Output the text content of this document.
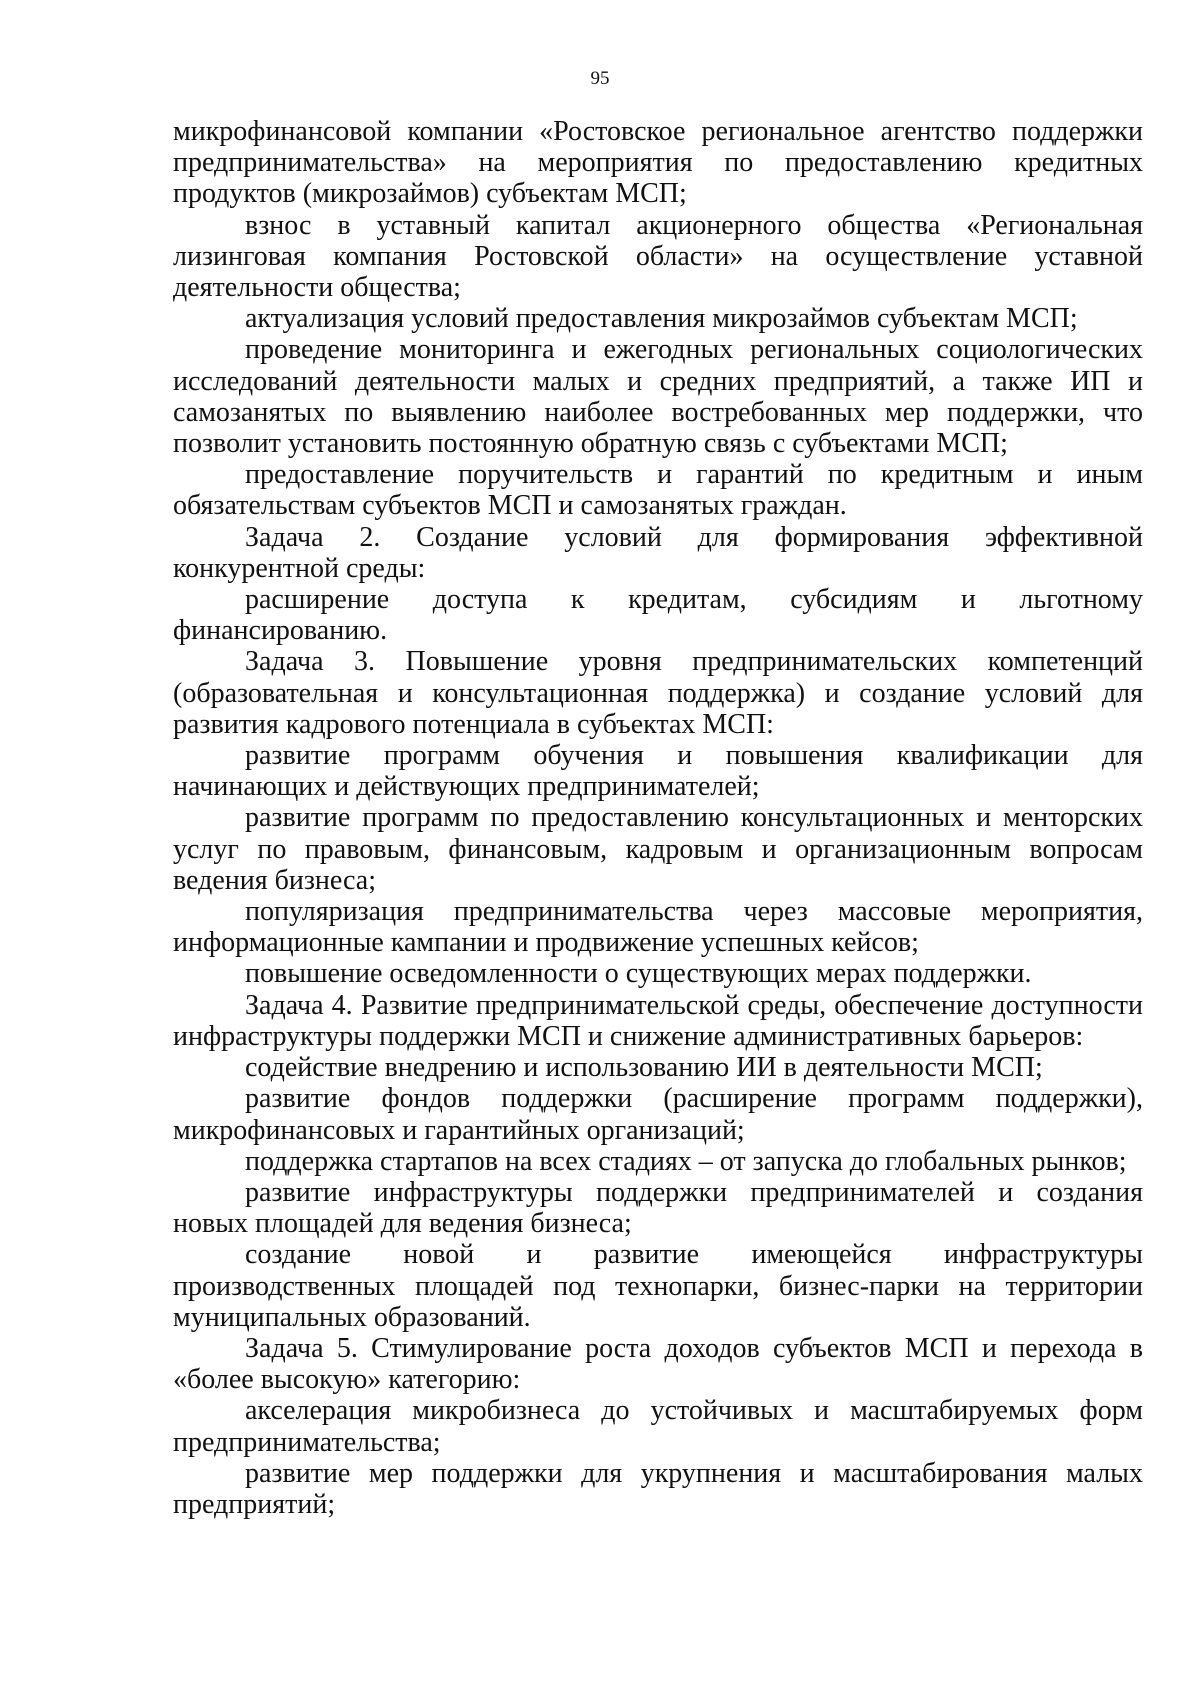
95

микрофинансовой компании «Ростовское региональное агентство поддержки предпринимательства» на мероприятия по предоставлению кредитных продуктов (микрозаймов) субъектам МСП;

взнос в уставный капитал акционерного общества «Региональная лизинговая компания Ростовской области» на осуществление уставной деятельности общества;

актуализация условий предоставления микрозаймов субъектам МСП;

проведение мониторинга и ежегодных региональных социологических исследований деятельности малых и средних предприятий, а также ИП и самозанятых по выявлению наиболее востребованных мер поддержки, что позволит установить постоянную обратную связь с субъектами МСП;

предоставление поручительств и гарантий по кредитным и иным обязательствам субъектов МСП и самозанятых граждан.

Задача 2. Создание условий для формирования эффективной конкурентной среды:

расширение доступа к кредитам, субсидиям и льготному финансированию.

Задача 3. Повышение уровня предпринимательских компетенций (образовательная и консультационная поддержка) и создание условий для развития кадрового потенциала в субъектах МСП:

развитие программ обучения и повышения квалификации для начинающих и действующих предпринимателей;

развитие программ по предоставлению консультационных и менторских услуг по правовым, финансовым, кадровым и организационным вопросам ведения бизнеса;

популяризация предпринимательства через массовые мероприятия, информационные кампании и продвижение успешных кейсов;

повышение осведомленности о существующих мерах поддержки.

Задача 4. Развитие предпринимательской среды, обеспечение доступности инфраструктуры поддержки МСП и снижение административных барьеров:

содействие внедрению и использованию ИИ в деятельности МСП;

развитие фондов поддержки (расширение программ поддержки), микрофинансовых и гарантийных организаций;

поддержка стартапов на всех стадиях – от запуска до глобальных рынков;

развитие инфраструктуры поддержки предпринимателей и создания новых площадей для ведения бизнеса;

создание новой и развитие имеющейся инфраструктуры производственных площадей под технопарки, бизнес-парки на территории муниципальных образований.

Задача 5. Стимулирование роста доходов субъектов МСП и перехода в «более высокую» категорию:

акселерация микробизнеса до устойчивых и масштабируемых форм предпринимательства;

развитие мер поддержки для укрупнения и масштабирования малых предприятий;
